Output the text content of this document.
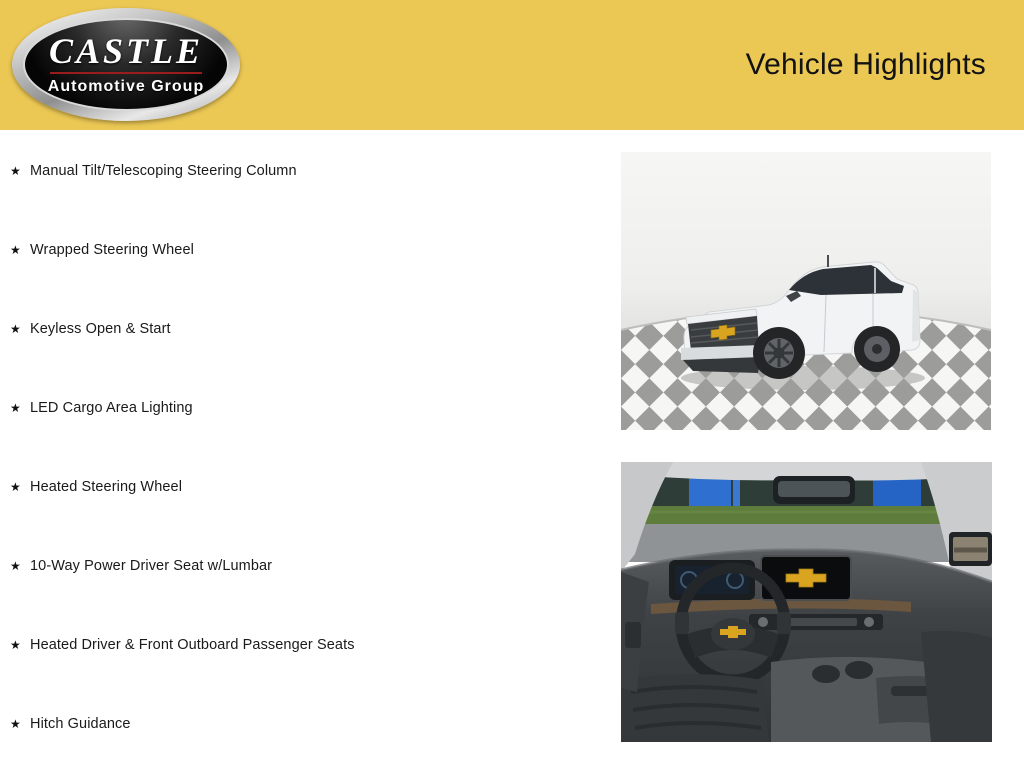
CASTLE
Automotive Group
Vehicle Highlights
★ Manual Tilt/Telescoping Steering Column
★ Wrapped Steering Wheel
★ Keyless Open & Start
★ LED Cargo Area Lighting
★ Heated Steering Wheel
★ 10-Way Power Driver Seat w/Lumbar
★ Heated Driver & Front Outboard Passenger Seats
★ Hitch Guidance
